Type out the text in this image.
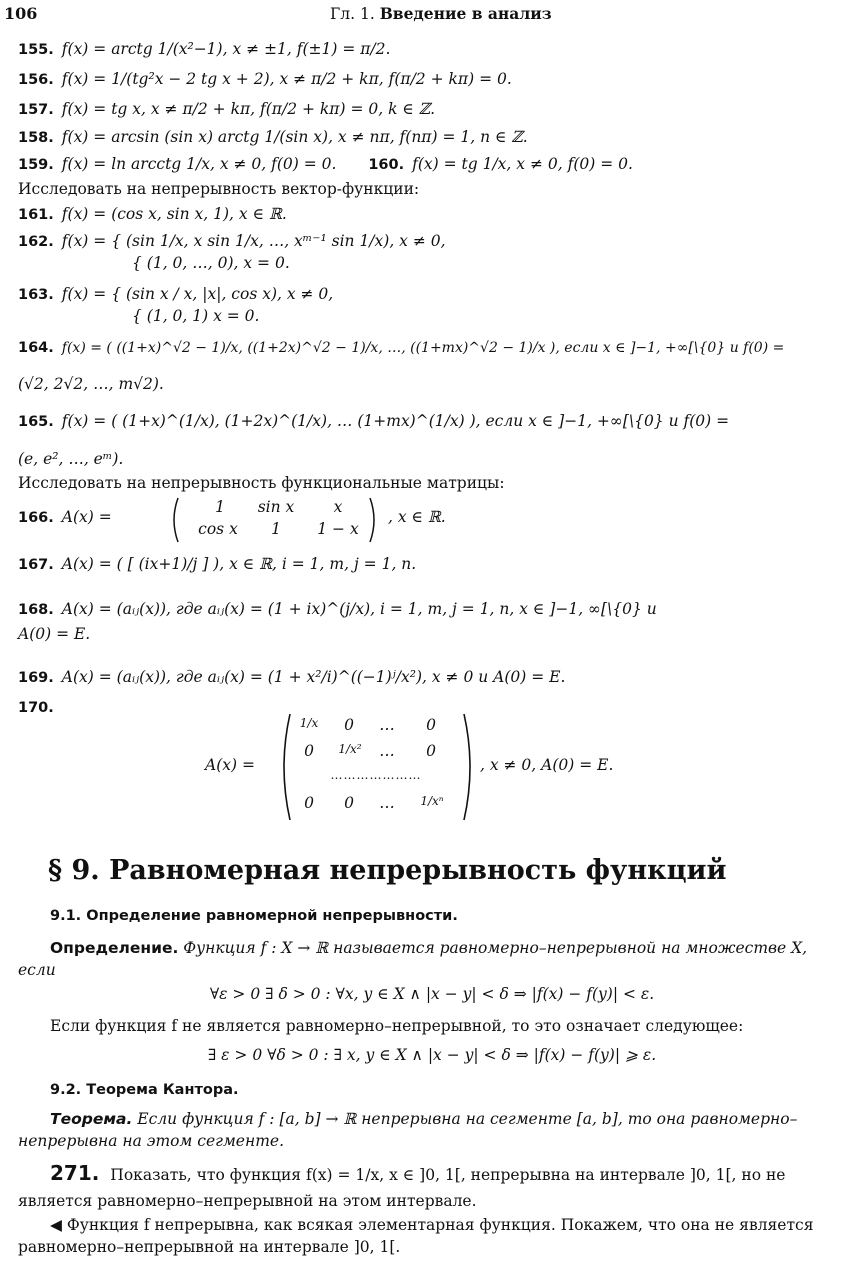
106	Гл. 1. Введение в анализ
155. f(x) = arctg 1/(x²−1), x ≠ ±1, f(±1) = π/2.
156. f(x) = 1/(tg²x − 2 tg x + 2), x ≠ π/2 + kπ, f(π/2 + kπ) = 0.
157. f(x) = tg x, x ≠ π/2 + kπ, f(π/2 + kπ) = 0, k ∈ ℤ.
158. f(x) = arcsin (sin x) arctg 1/(sin x), x ≠ nπ, f(nπ) = 1, n ∈ ℤ.
159. f(x) = ln arcctg 1/x, x ≠ 0, f(0) = 0. 160. f(x) = tg 1/x, x ≠ 0, f(0) = 0.
Исследовать на непрерывность вектор-функции:
161. f(x) = (cos x, sin x, 1), x ∈ ℝ.
162. f(x) = { (sin 1/x, x sin 1/x, …, xᵐ⁻¹ sin 1/x), x ≠ 0,
{ (1, 0, …, 0), x = 0.
163. f(x) = { (sin x / x, |x|, cos x), x ≠ 0,
{ (1, 0, 1) x = 0.
164. f(x) = ( ((1+x)^√2 − 1)/x, ((1+2x)^√2 − 1)/x, …, ((1+mx)^√2 − 1)/x ), если x ∈ ]−1, +∞[\{0} и f(0) =
(√2, 2√2, …, m√2).
165. f(x) = ( (1+x)^(1/x), (1+2x)^(1/x), … (1+mx)^(1/x) ), если x ∈ ]−1, +∞[\{0} и f(0) =
(e, e², …, eᵐ).
Исследовать на непрерывность функциональные матрицы:
166. A(x) =
1	sin x	x
cos x	1	1 − x
, x ∈ ℝ.
167. A(x) = ( [ (ix+1)/j ] ), x ∈ ℝ, i = 1, m, j = 1, n.
168. A(x) = (aᵢⱼ(x)), где aᵢⱼ(x) = (1 + ix)^(j/x), i = 1, m, j = 1, n, x ∈ ]−1, ∞[\{0} и
A(0) = E.
169. A(x) = (aᵢⱼ(x)), где aᵢⱼ(x) = (1 + x²/i)^((−1)ʲ/x²), x ≠ 0 и A(0) = E.
170.
A(x) =
1/x	0	…	0
0	1/x²	…	0
…………………
0	0	…	1/xⁿ
, x ≠ 0, A(0) = E.
§ 9. Равномерная непрерывность функций
9.1. Определение равномерной непрерывности.
Определение. Функция f : X → ℝ называется равномерно–непрерывной на множестве X, если
∀ε > 0 ∃ δ > 0 : ∀x, y ∈ X ∧ |x − y| < δ ⇒ |f(x) − f(y)| < ε.
Если функция f не является равномерно–непрерывной, то это означает следующее:
∃ ε > 0 ∀δ > 0 : ∃ x, y ∈ X ∧ |x − y| < δ ⇒ |f(x) − f(y)| ⩾ ε.
9.2. Теорема Кантора.
Теорема. Если функция f : [a, b] → ℝ непрерывна на сегменте [a, b], то она равномерно–непрерывна на этом сегменте.
271. Показать, что функция f(x) = 1/x, x ∈ ]0, 1[, непрерывна на интервале ]0, 1[, но не является равномерно–непрерывной на этом интервале.
◀ Функция f непрерывна, как всякая элементарная функция. Покажем, что она не является равномерно–непрерывной на интервале ]0, 1[.
